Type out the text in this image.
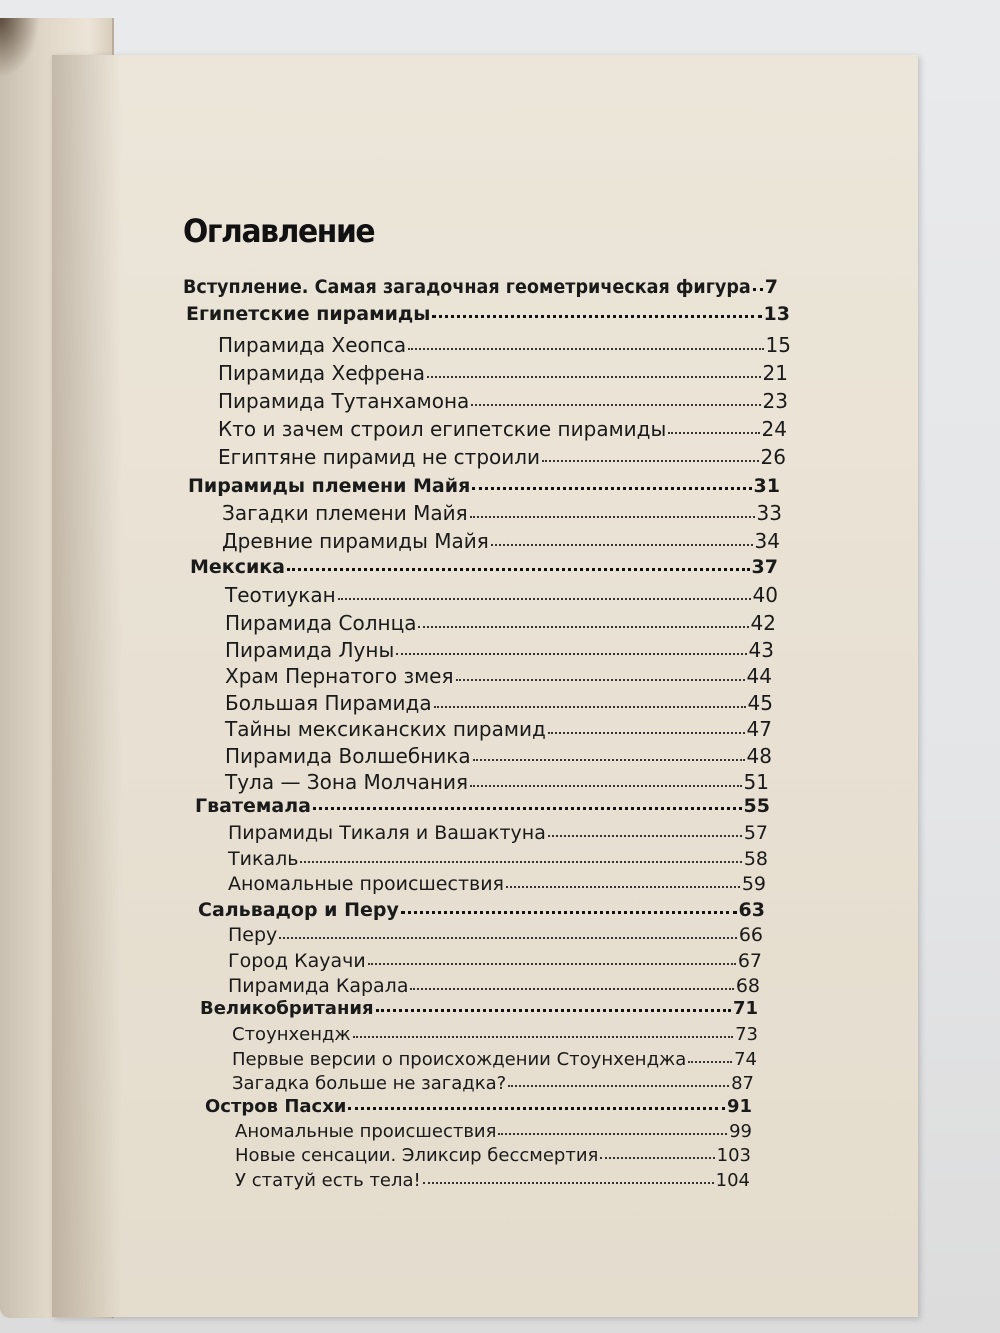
Оглавление
Вступление. Самая загадочная геометрическая фигура 7
Египетские пирамиды	13
Пирамида Хеопса	15
Пирамида Хефрена	21
Пирамида Тутанхамона	23
Кто и зачем строил египетские пирамиды	24
Египтяне пирамид не строили	26
Пирамиды племени Майя	31
Загадки племени Майя	33
Древние пирамиды Майя	34
Мексика	37
Теотиукан	40
Пирамида Солнца	42
Пирамида Луны	43
Храм Пернатого змея	44
Большая Пирамида	45
Тайны мексиканских пирамид	47
Пирамида Волшебника	48
Тула — Зона Молчания	51
Гватемала	55
Пирамиды Тикаля и Вашактуна	57
Тикаль	58
Аномальные происшествия	59
Сальвадор и Перу	63
Перу	66
Город Кауачи	67
Пирамида Карала	68
Великобритания	71
Стоунхендж	73
Первые версии о происхождении Стоунхенджа	74
Загадка больше не загадка?	87
Остров Пасхи	91
Аномальные происшествия	99
Новые сенсации. Эликсир бессмертия	103
У статуй есть тела!	104
